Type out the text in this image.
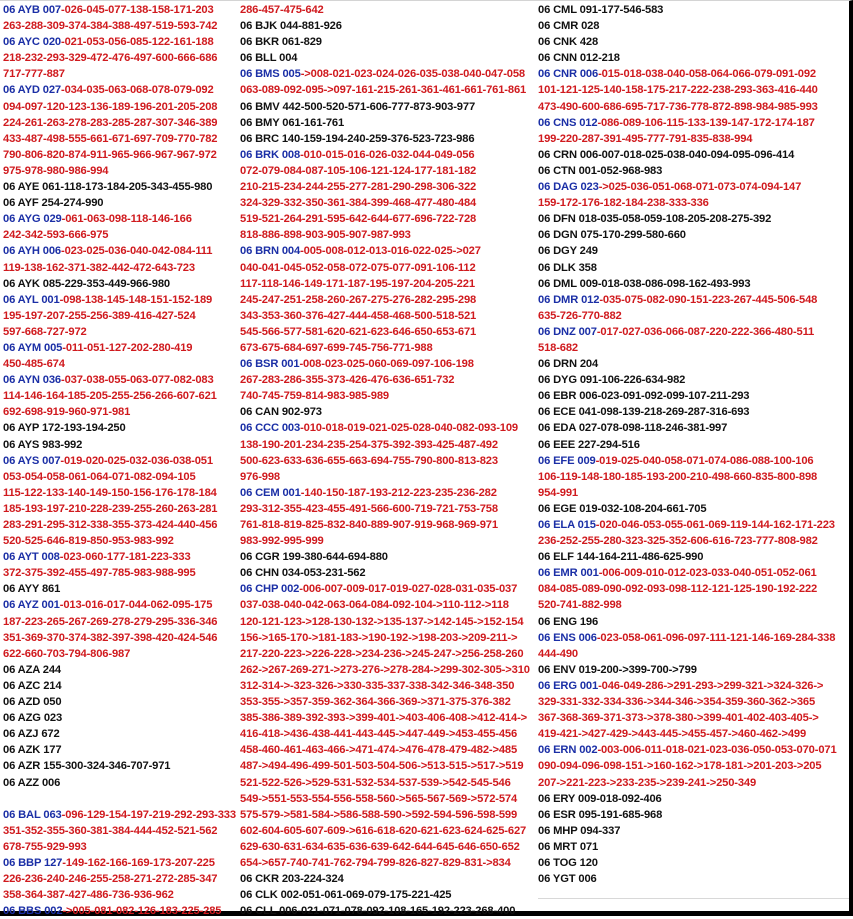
06 AYB 007-026-045-077-138-158-171-203
263-288-309-374-384-388-497-519-593-742
06 AYC 020-021-053-056-085-122-161-188
218-232-293-329-472-476-497-600-666-686
717-777-887
06 AYD 027-034-035-063-068-078-079-092
094-097-120-123-136-189-196-201-205-208
224-261-263-278-283-285-287-307-346-389
433-487-498-555-661-671-697-709-770-782
790-806-820-874-911-965-966-967-967-972
975-978-980-986-994
06 AYE 061-118-173-184-205-343-455-980
06 AYF 254-274-990
06 AYG 029-061-063-098-118-146-166
242-342-593-666-975
06 AYH 006-023-025-036-040-042-084-111
119-138-162-371-382-442-472-643-723
06 AYK 085-229-353-449-966-980
06 AYL 001-098-138-145-148-151-152-189
195-197-207-255-256-389-416-427-524
597-668-727-972
06 AYM 005-011-051-127-202-280-419
450-485-674
06 AYN 036-037-038-055-063-077-082-083
114-146-164-185-205-255-256-266-607-621
692-698-919-960-971-981
06 AYP 172-193-194-250
06 AYS 983-992
06 AYS 007-019-020-025-032-036-038-051
053-054-058-061-064-071-082-094-105
115-122-133-140-149-150-156-176-178-184
185-193-197-210-228-239-255-260-263-281
283-291-295-312-338-355-373-424-440-456
520-525-646-819-850-953-983-992
06 AYT 008-023-060-177-181-223-333
372-375-392-455-497-785-983-988-995
06 AYY 861
06 AYZ 001-013-016-017-044-062-095-175
187-223-265-267-269-278-279-295-336-346
351-369-370-374-382-397-398-420-424-546
622-660-703-794-806-987
06 AZA 244
06 AZC 214
06 AZD 050
06 AZG 023
06 AZJ 672
06 AZK 177
06 AZR 155-300-324-346-707-971
06 AZZ 006
06 BAL 063-096-129-154-197-219-292-293-333
351-352-355-360-381-384-444-452-521-562
678-755-929-993
06 BBP 127-149-162-166-169-173-207-225
226-236-240-246-255-258-271-272-285-347
358-364-387-427-486-736-936-962
06 BBS 002->005-081-082-126-183-225-285
286-457-475-642
06 BJK 044-881-926
06 BKR 061-829
06 BLL 004
06 BMS 005->008-021-023-024-026-035-038-040-047-058
063-089-092-095->097-161-215-261-361-461-661-761-861
06 BMV 442-500-520-571-606-777-873-903-977
06 BMY 061-161-761
06 BRC 140-159-194-240-259-376-523-723-986
06 BRK 008-010-015-016-026-032-044-049-056
072-079-084-087-105-106-121-124-177-181-182
210-215-234-244-255-277-281-290-298-306-322
324-329-332-350-361-384-399-468-477-480-484
519-521-264-291-595-642-644-677-696-722-728
818-886-898-903-905-907-987-993
06 BRN 004-005-008-012-013-016-022-025->027
040-041-045-052-058-072-075-077-091-106-112
117-118-146-149-171-187-195-197-204-205-221
245-247-251-258-260-267-275-276-282-295-298
343-353-360-376-427-444-458-468-500-518-521
545-566-577-581-620-621-623-646-650-653-671
673-675-684-697-699-745-756-771-988
06 BSR 001-008-023-025-060-069-097-106-198
267-283-286-355-373-426-476-636-651-732
740-745-759-814-983-985-989
06 CAN 902-973
06 CCC 003-010-018-019-021-025-028-040-082-093-109
138-190-201-234-235-254-375-392-393-425-487-492
500-623-633-636-655-663-694-755-790-800-813-823
976-998
06 CEM 001-140-150-187-193-212-223-235-236-282
293-312-355-423-455-491-566-600-719-721-753-758
761-818-819-825-832-840-889-907-919-968-969-971
983-992-995-999
06 CGR 199-380-644-694-880
06 CHN 034-053-231-562
06 CHP 002-006-007-009-017-019-027-028-031-035-037
037-038-040-042-063-064-084-092-104->110-112->118
120-121-123->128-130-132->135-137->142-145->152-154
156->165-170->181-183->190-192->198-203->209-211->
217-220-223->226-228->234-236->245-247->256-258-260
262->267-269-271->273-276->278-284->299-302-305->310
312-314->-323-326->330-335-337-338-342-346-348-350
353-355->357-359-362-364-366-369->371-375-376-382
385-386-389-392-393->399-401->403-406-408->412-414->
416-418->436-438-441-443-445->447-449->453-455-456
458-460-461-463-466->471-474->476-478-479-482->485
487->494-496-499-501-503-504-506->513-515->517->519
521-522-526->529-531-532-534-537-539->542-545-546
549->551-553-554-556-558-560->565-567-569->572-574
575-579->581-584->586-588-590->592-594-596-598-599
602-604-605-607-609->616-618-620-621-623-624-625-627
629-630-631-634-635-636-639-642-644-645-646-650-652
654->657-740-741-762-794-799-826-827-829-831->834
06 CKR 203-224-324
06 CLK 002-051-061-069-079-175-221-425
06 CLL 006-021-071-078-092-108-165-192-223-268-400
06 CML 091-177-546-583
06 CMR 028
06 CNK 428
06 CNN 012-218
06 CNR 006-015-018-038-040-058-064-066-079-091-092
101-121-125-140-158-175-217-222-238-293-363-416-440
473-490-600-686-695-717-736-778-872-898-984-985-993
06 CNS 012-086-089-106-115-133-139-147-172-174-187
199-220-287-391-495-777-791-835-838-994
06 CRN 006-007-018-025-038-040-094-095-096-414
06 CTN 001-052-968-983
06 DAG 023->025-036-051-068-071-073-074-094-147
159-172-176-182-184-238-333-336
06 DFN 018-035-058-059-108-205-208-275-392
06 DGN 075-170-299-580-660
06 DGY 249
06 DLK 358
06 DML 009-018-038-086-098-162-493-993
06 DMR 012-035-075-082-090-151-223-267-445-506-548
635-726-770-882
06 DNZ 007-017-027-036-066-087-220-222-366-480-511
518-682
06 DRN 204
06 DYG 091-106-226-634-982
06 EBR 006-023-091-092-099-107-211-293
06 ECE 041-098-139-218-269-287-316-693
06 EDA 027-078-098-118-246-381-997
06 EEE 227-294-516
06 EFE 009-019-025-040-058-071-074-086-088-100-106
106-119-148-180-185-193-200-210-498-660-835-800-898
954-991
06 EGE 019-032-108-204-661-705
06 ELA 015-020-046-053-055-061-069-119-144-162-171-223
236-252-255-280-323-325-352-606-616-723-777-808-982
06 ELF 144-164-211-486-625-990
06 EMR 001-006-009-010-012-023-033-040-051-052-061
084-085-089-090-092-093-098-112-121-125-190-192-222
520-741-882-998
06 ENG 196
06 ENS 006-023-058-061-096-097-111-121-146-169-284-338
444-490
06 ENV 019-200->399-700->799
06 ERG 001-046-049-286->291-293->299-321->324-326->
329-331-332-334-336->344-346->354-359-360-362->365
367-368-369-371-373->378-380->399-401-402-403-405->
419-421->427-429->443-445->455-457->460-462->499
06 ERN 002-003-006-011-018-021-023-036-050-053-070-071
090-094-096-098-151->160-162->178-181->201-203->205
207->221-223->233-235->239-241->250-349
06 ERY 009-018-092-406
06 ESR 095-191-685-968
06 MHP 094-337
06 MRT 071
06 TOG 120
06 YGT 006
